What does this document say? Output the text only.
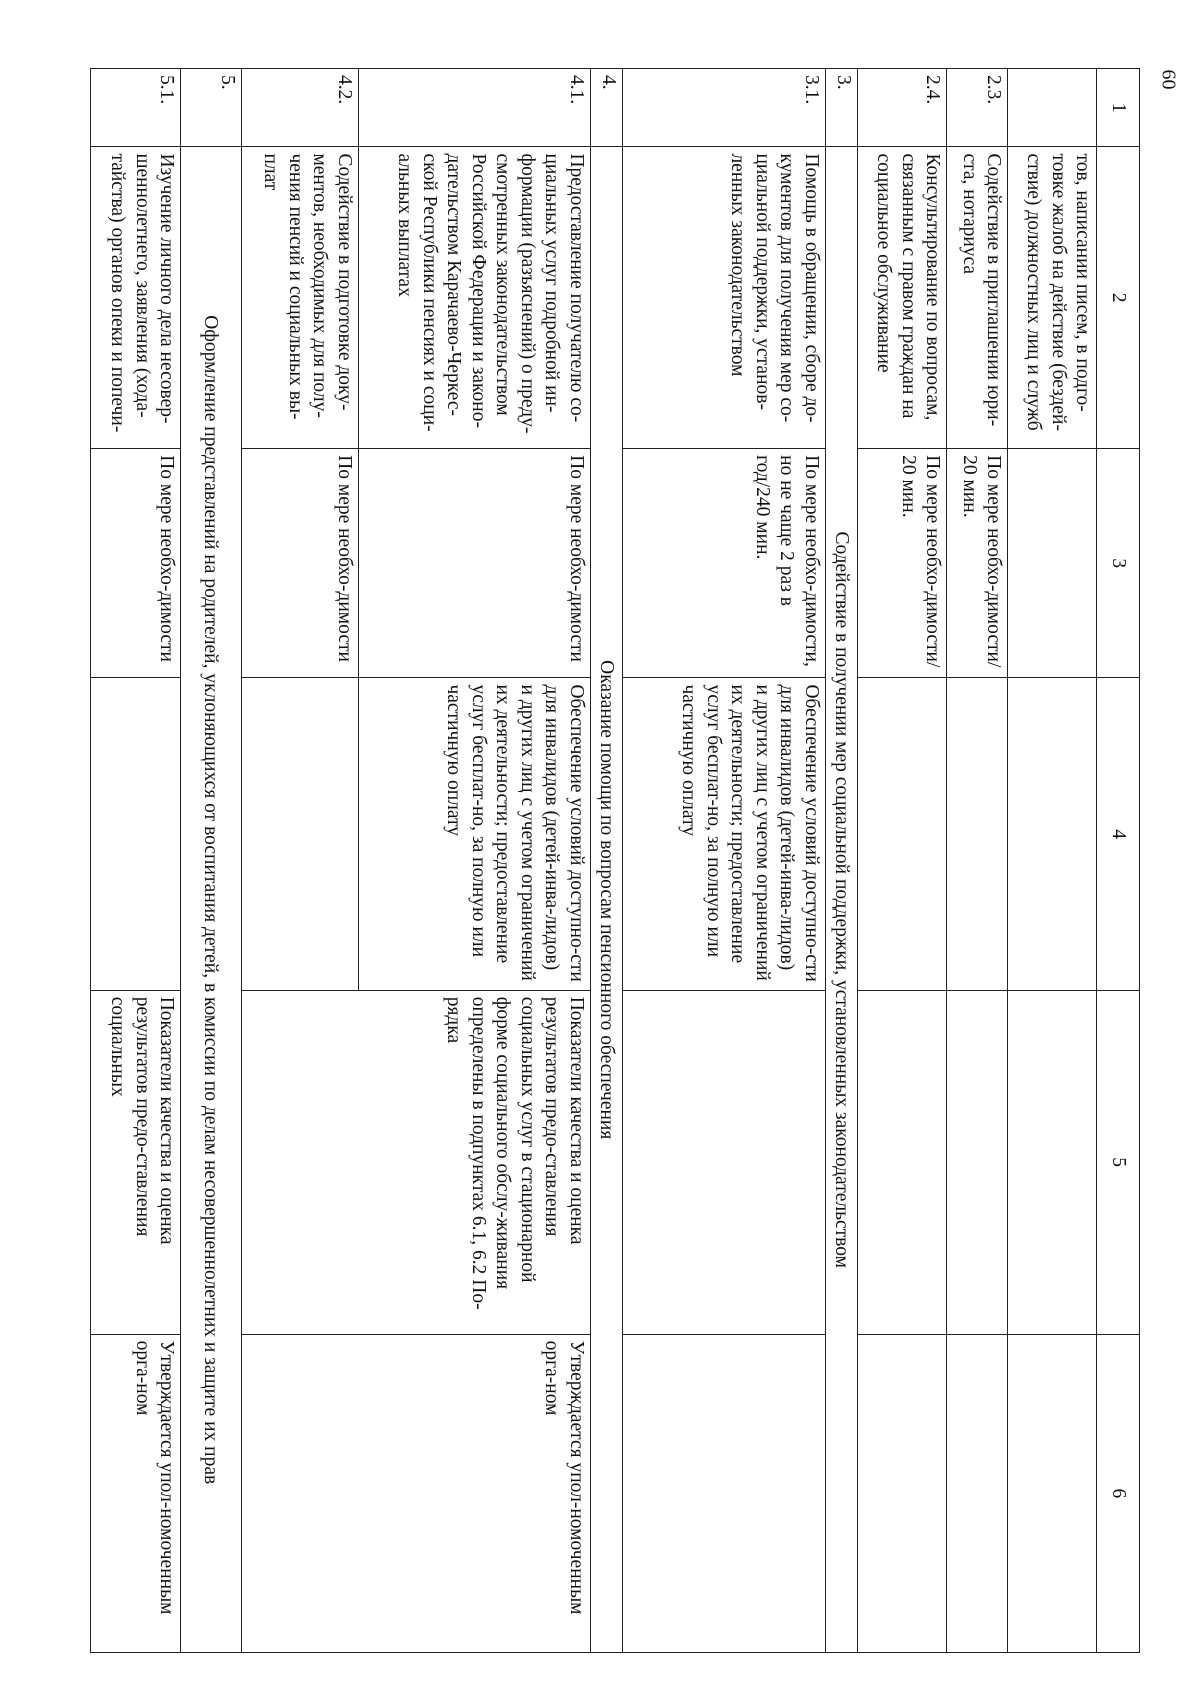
60
1	2	3	4	5	6
	тов, написании писем, в подго-товке жалоб на действие (бездей-ствие) должностных лиц и служб				
2.3.	Содействие в приглашении юри-ста, нотариуса	По мере необхо-димости/ 20 мин.			
2.4.	Консультирование по вопросам, связанным с правом граждан на социальное обслуживание	По мере необхо-димости/ 20 мин.			
3.	Содействие в получении мер социальной поддержки, установленных законодательством				
3.1.	Помощь в обращении, сборе до-кументов для получения мер со-циальной поддержки, установ-ленных законодательством	По мере необхо-димости, но не чаще 2 раз в год/240 мин.	Обеспечение условий доступно-сти для инвалидов (детей-инва-лидов) и других лиц с учетом ограничений их деятельности; предоставление услуг бесплат-но, за полную или частичную оплату		
4.	Оказание помощи по вопросам пенсионного обеспечения				
4.1.	Предоставление получателю со-циальных услуг подробной ин-формации (разъяснений) о преду-смотренных законодательством Российской Федерации и законо-дательством Карачаево-Черкес-ской Республики пенсиях и соци-альных выплатах	По мере необхо-димости	Обеспечение условий доступно-сти для инвалидов (детей-инва-лидов) и других лиц с учетом ограничений их деятельности; предоставление услуг бесплат-но, за полную или частичную оплату	Показатели качества и оценка результатов предо-ставления социальных услуг в стационарной форме социального обслу-живания определены в подпунктах 6.1, 6.2 По-рядка	Утверждается упол-номоченным орга-ном
4.2.	Содействие в подготовке доку-ментов, необходимых для полу-чения пенсий и социальных вы-плат	По мере необхо-димости			
5.	Оформление представлений на родителей, уклоняющихся от воспитания детей, в комиссии по делам несовершеннолетних и защите их прав				
5.1.	Изучение личного дела несовер-шеннолетнего, заявления (хода-тайства) органов опеки и попечи-	По мере необхо-димости		Показатели качества и оценка результатов предо-ставления социальных	Утверждается упол-номоченным орга-ном
